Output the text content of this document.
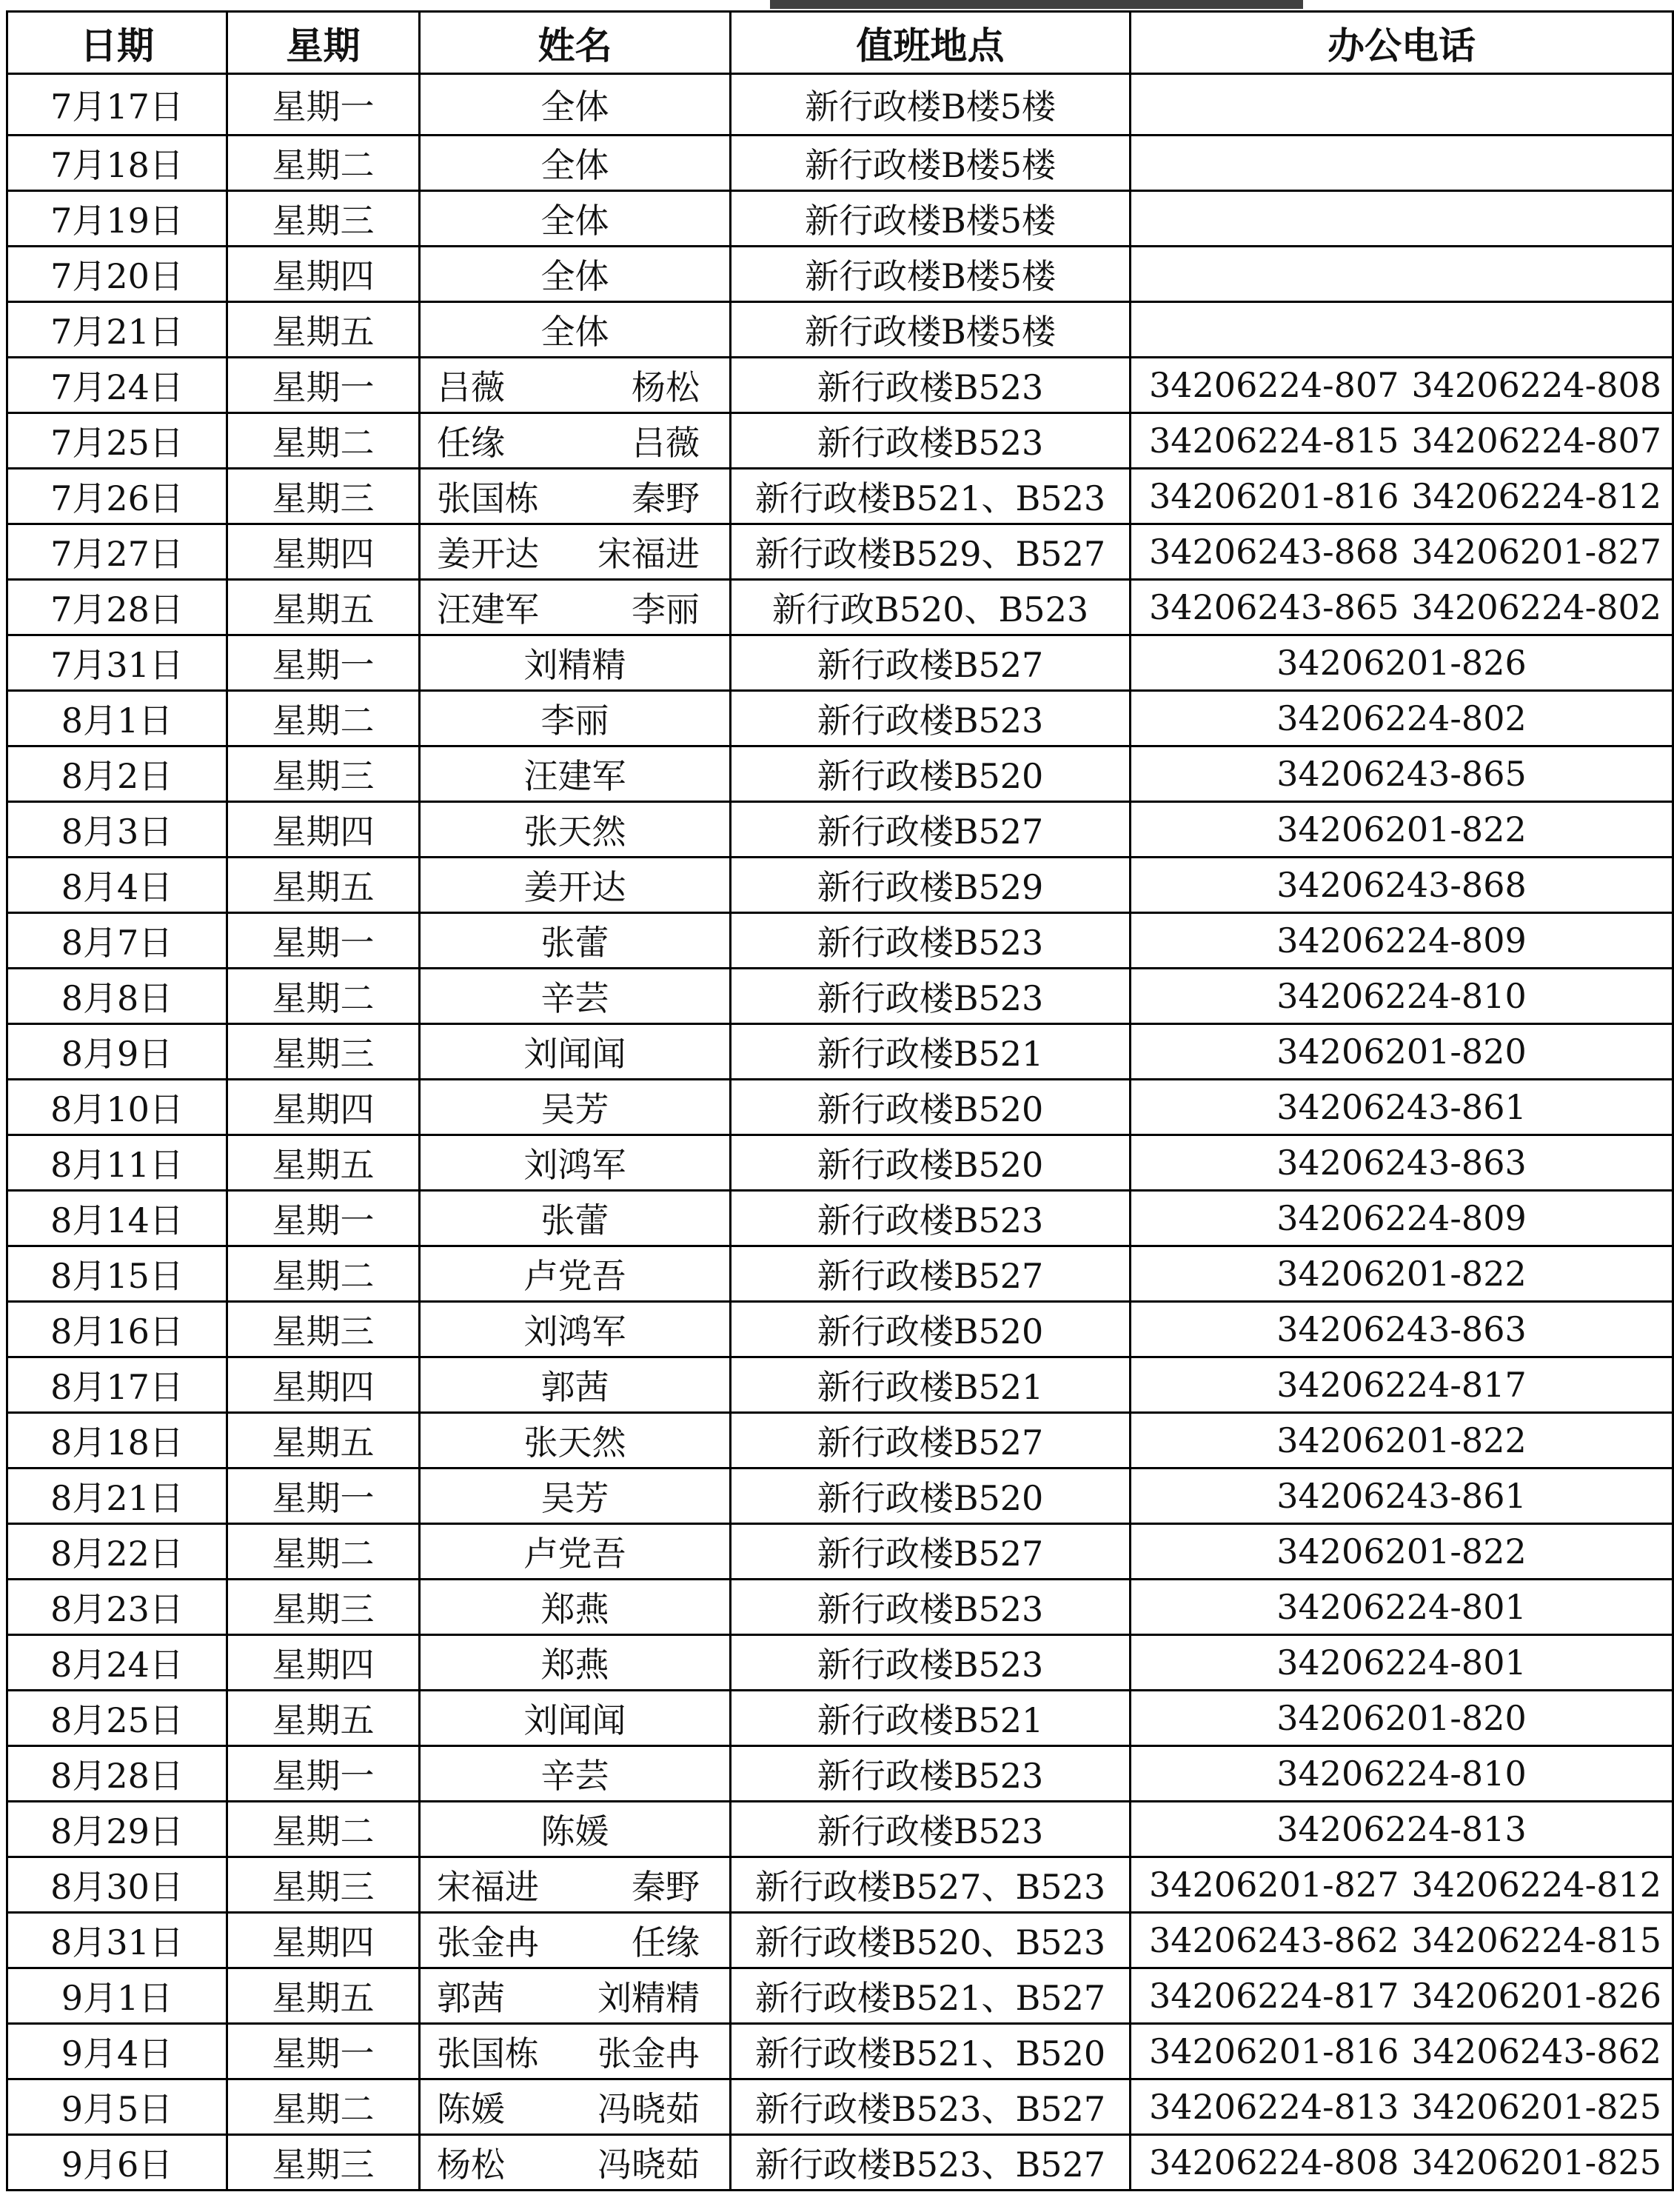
日期	星期	姓名	值班地点	办公电话
7月17日	星期一	全体	新行政楼B楼5楼	
7月18日	星期二	全体	新行政楼B楼5楼	
7月19日	星期三	全体	新行政楼B楼5楼	
7月20日	星期四	全体	新行政楼B楼5楼	
7月21日	星期五	全体	新行政楼B楼5楼	
7月24日	星期一	吕薇 杨松	新行政楼B523	34206224-807 34206224-808

7月25日	星期二	任缘 吕薇	新行政楼B523	34206224-815 34206224-807

7月26日	星期三	张国栋 秦野	新行政楼B521、B523	34206201-816 34206224-812

7月27日	星期四	姜开达 宋福进	新行政楼B529、B527	34206243-868 34206201-827

7月28日	星期五	汪建军 李丽	新行政B520、B523	34206243-865 34206224-802

7月31日	星期一	刘精精	新行政楼B527	34206201-826
8月1日	星期二	李丽	新行政楼B523	34206224-802
8月2日	星期三	汪建军	新行政楼B520	34206243-865
8月3日	星期四	张天然	新行政楼B527	34206201-822
8月4日	星期五	姜开达	新行政楼B529	34206243-868
8月7日	星期一	张蕾	新行政楼B523	34206224-809
8月8日	星期二	辛芸	新行政楼B523	34206224-810
8月9日	星期三	刘闻闻	新行政楼B521	34206201-820
8月10日	星期四	吴芳	新行政楼B520	34206243-861
8月11日	星期五	刘鸿军	新行政楼B520	34206243-863
8月14日	星期一	张蕾	新行政楼B523	34206224-809
8月15日	星期二	卢党吾	新行政楼B527	34206201-822
8月16日	星期三	刘鸿军	新行政楼B520	34206243-863
8月17日	星期四	郭茜	新行政楼B521	34206224-817
8月18日	星期五	张天然	新行政楼B527	34206201-822
8月21日	星期一	吴芳	新行政楼B520	34206243-861
8月22日	星期二	卢党吾	新行政楼B527	34206201-822
8月23日	星期三	郑燕	新行政楼B523	34206224-801
8月24日	星期四	郑燕	新行政楼B523	34206224-801
8月25日	星期五	刘闻闻	新行政楼B521	34206201-820
8月28日	星期一	辛芸	新行政楼B523	34206224-810
8月29日	星期二	陈媛	新行政楼B523	34206224-813
8月30日	星期三	宋福进 秦野	新行政楼B527、B523	34206201-827 34206224-812

8月31日	星期四	张金冉 任缘	新行政楼B520、B523	34206243-862 34206224-815

9月1日	星期五	郭茜 刘精精	新行政楼B521、B527	34206224-817 34206201-826

9月4日	星期一	张国栋 张金冉	新行政楼B521、B520	34206201-816 34206243-862

9月5日	星期二	陈媛 冯晓茹	新行政楼B523、B527	34206224-813 34206201-825

9月6日	星期三	杨松 冯晓茹	新行政楼B523、B527	34206224-808 34206201-825
